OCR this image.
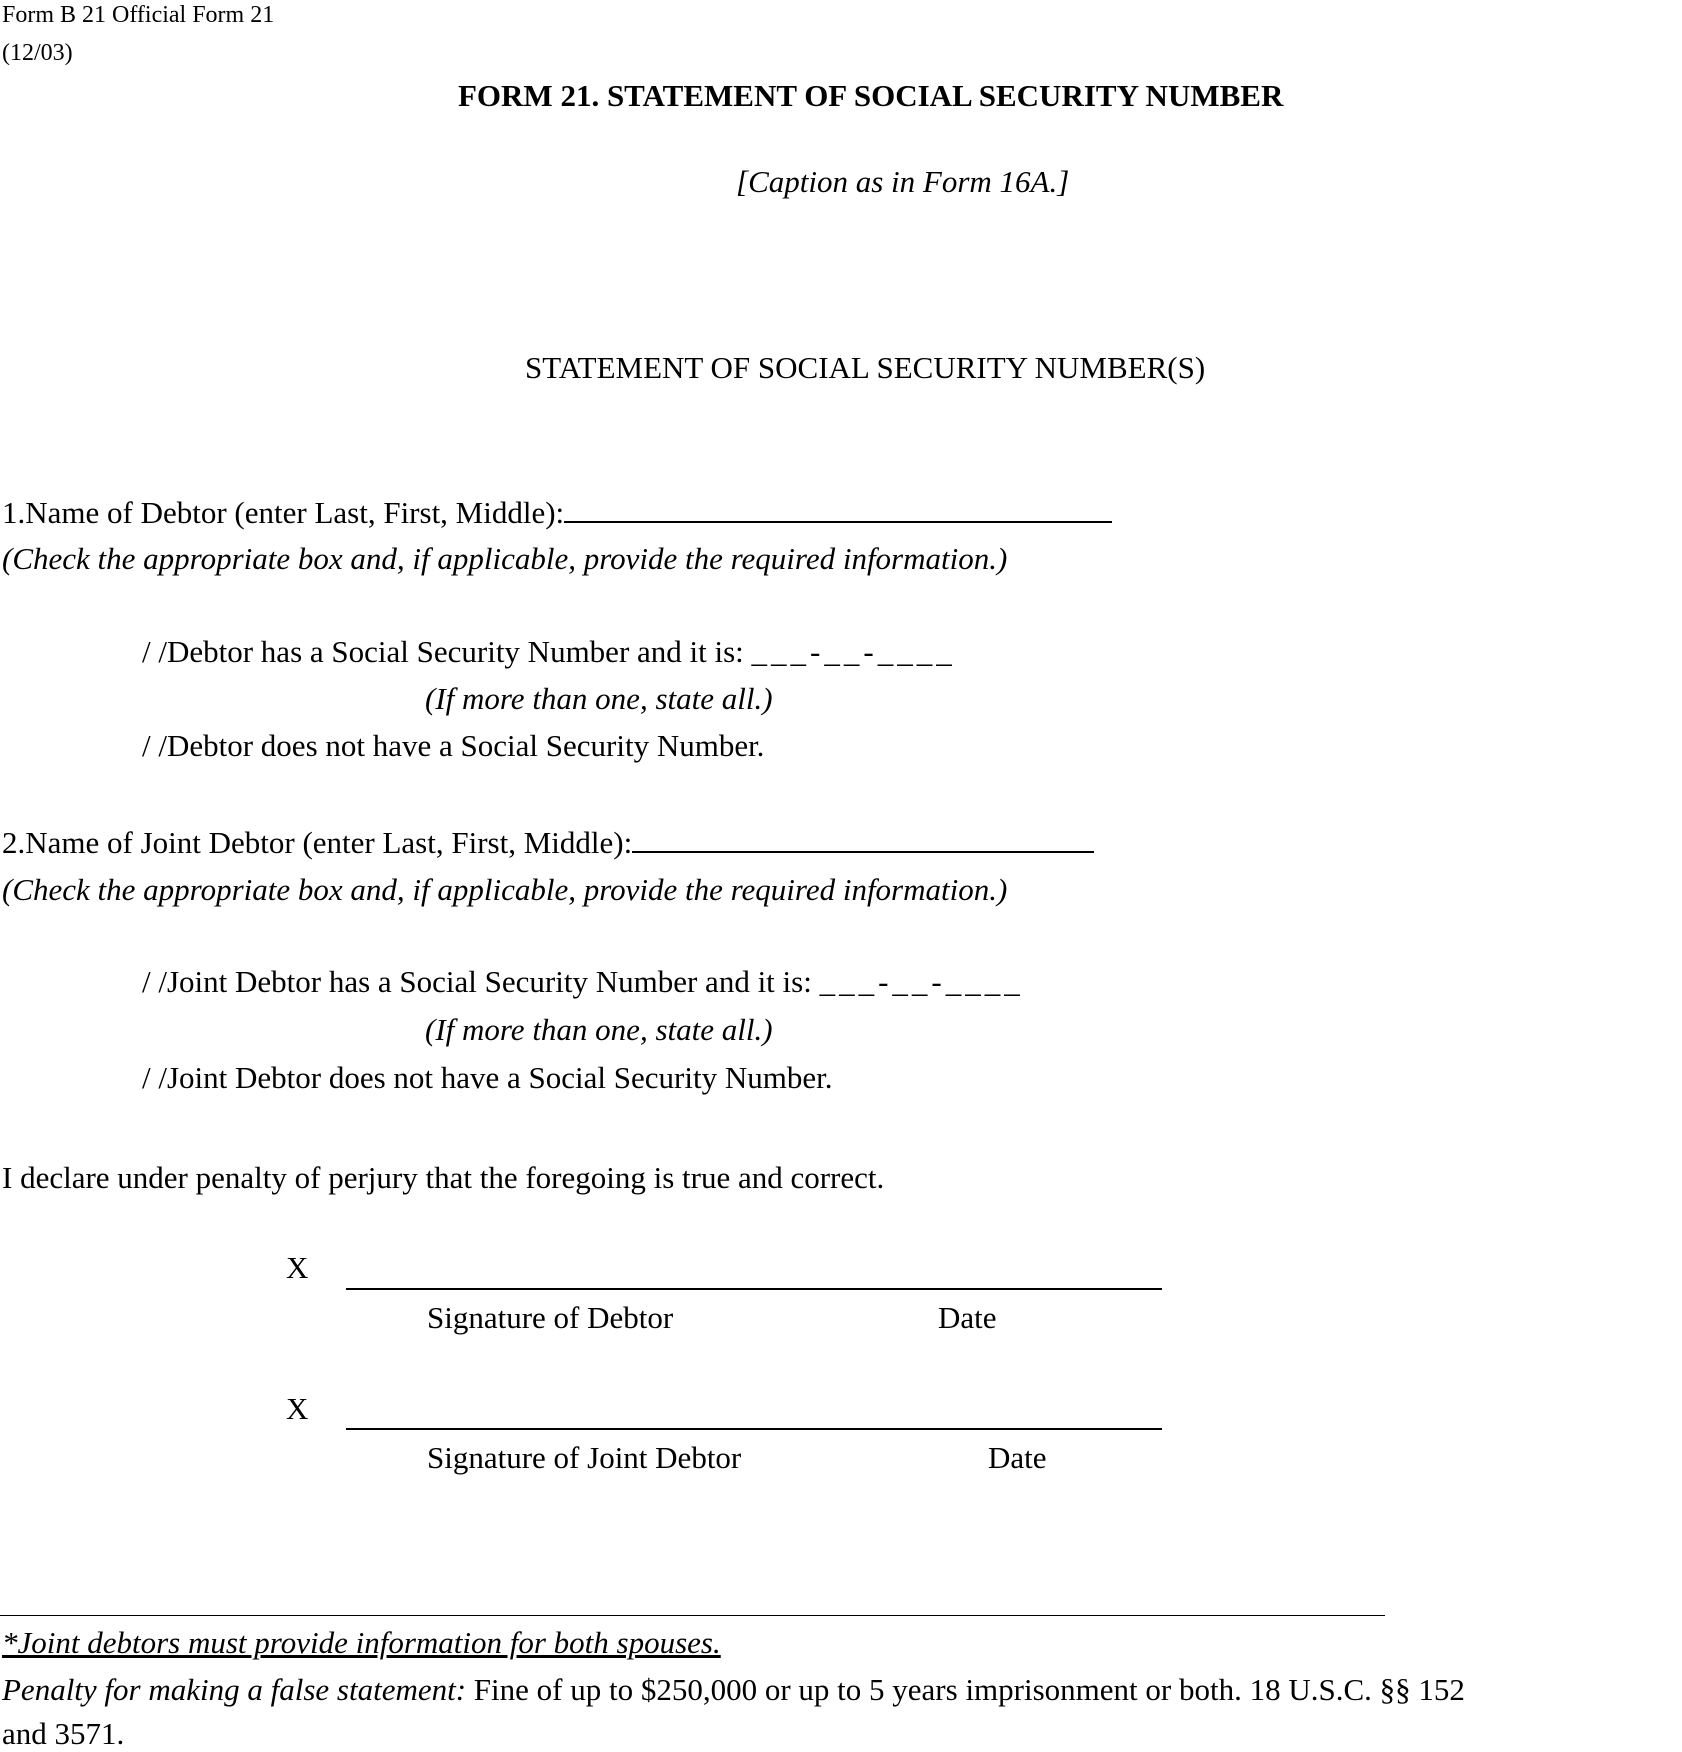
Form B 21 Official Form 21
(12/03)
FORM 21. STATEMENT OF SOCIAL SECURITY NUMBER
[Caption as in Form 16A.]
STATEMENT OF SOCIAL SECURITY NUMBER(S)
1.Name of Debtor (enter Last, First, Middle):
(Check the appropriate box and, if applicable, provide the required information.)
/ /Debtor has a Social Security Number and it is: ___-__-____
(If more than one, state all.)
/ /Debtor does not have a Social Security Number.
2.Name of Joint Debtor (enter Last, First, Middle):
(Check the appropriate box and, if applicable, provide the required information.)
/ /Joint Debtor has a Social Security Number and it is: ___-__-____
(If more than one, state all.)
/ /Joint Debtor does not have a Social Security Number.
I declare under penalty of perjury that the foregoing is true and correct.
X
Signature of Debtor	Date
X
Signature of Joint Debtor	Date
*Joint debtors must provide information for both spouses.
Penalty for making a false statement: Fine of up to $250,000 or up to 5 years imprisonment or both. 18 U.S.C. §§ 152
and 3571.
